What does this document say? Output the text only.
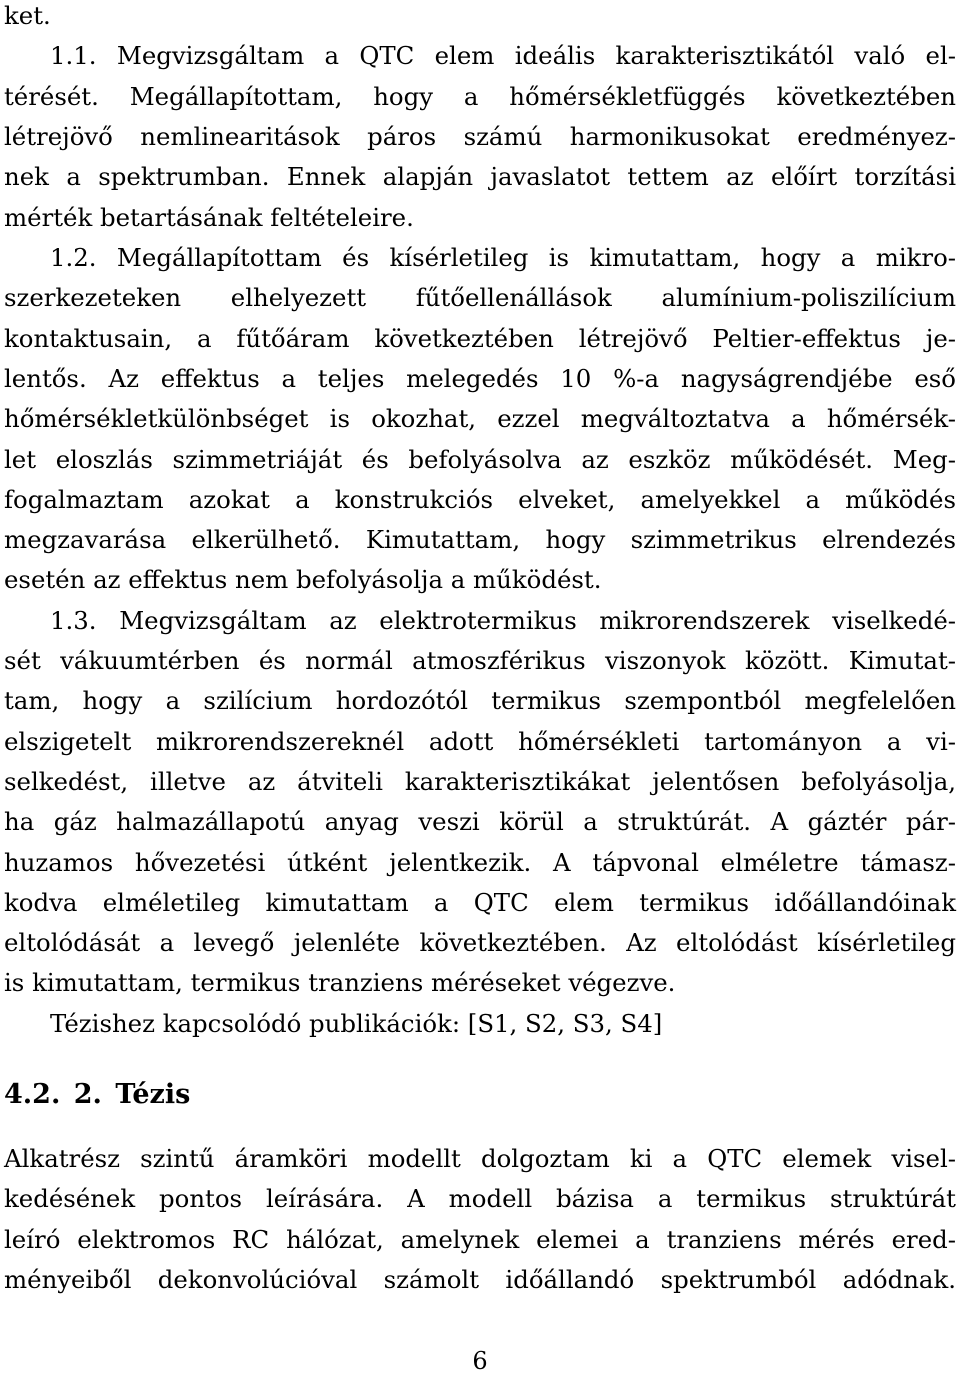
ket.
1.1. Megvizsgáltam a QTC elem ideális karakterisztikától való el-
térését. Megállapítottam, hogy a hőmérsékletfüggés következtében
létrejövő nemlinearitások páros számú harmonikusokat eredményez-
nek a spektrumban. Ennek alapján javaslatot tettem az előírt torzítási
mérték betartásának feltételeire.
1.2. Megállapítottam és kísérletileg is kimutattam, hogy a mikro-
szerkezeteken elhelyezett fűtőellenállások alumínium-poliszilícium
kontaktusain, a fűtőáram következtében létrejövő Peltier-effektus je-
lentős. Az effektus a teljes melegedés 10 %-a nagyságrendjébe eső
hőmérsékletkülönbséget is okozhat, ezzel megváltoztatva a hőmérsék-
let eloszlás szimmetriáját és befolyásolva az eszköz működését. Meg-
fogalmaztam azokat a konstrukciós elveket, amelyekkel a működés
megzavarása elkerülhető. Kimutattam, hogy szimmetrikus elrendezés
esetén az effektus nem befolyásolja a működést.
1.3. Megvizsgáltam az elektrotermikus mikrorendszerek viselkedé-
sét vákuumtérben és normál atmoszférikus viszonyok között. Kimutat-
tam, hogy a szilícium hordozótól termikus szempontból megfelelően
elszigetelt mikrorendszereknél adott hőmérsékleti tartományon a vi-
selkedést, illetve az átviteli karakterisztikákat jelentősen befolyásolja,
ha gáz halmazállapotú anyag veszi körül a struktúrát. A gáztér pár-
huzamos hővezetési útként jelentkezik. A tápvonal elméletre támasz-
kodva elméletileg kimutattam a QTC elem termikus időállandóinak
eltolódását a levegő jelenléte következtében. Az eltolódást kísérletileg
is kimutattam, termikus tranziens méréseket végezve.
Tézishez kapcsolódó publikációk: [S1, S2, S3, S4]
4.2. 2. Tézis
Alkatrész szintű áramköri modellt dolgoztam ki a QTC elemek visel-
kedésének pontos leírására. A modell bázisa a termikus struktúrát
leíró elektromos RC hálózat, amelynek elemei a tranziens mérés ered-
ményeiből dekonvolúcióval számolt időállandó spektrumból adódnak.
6
